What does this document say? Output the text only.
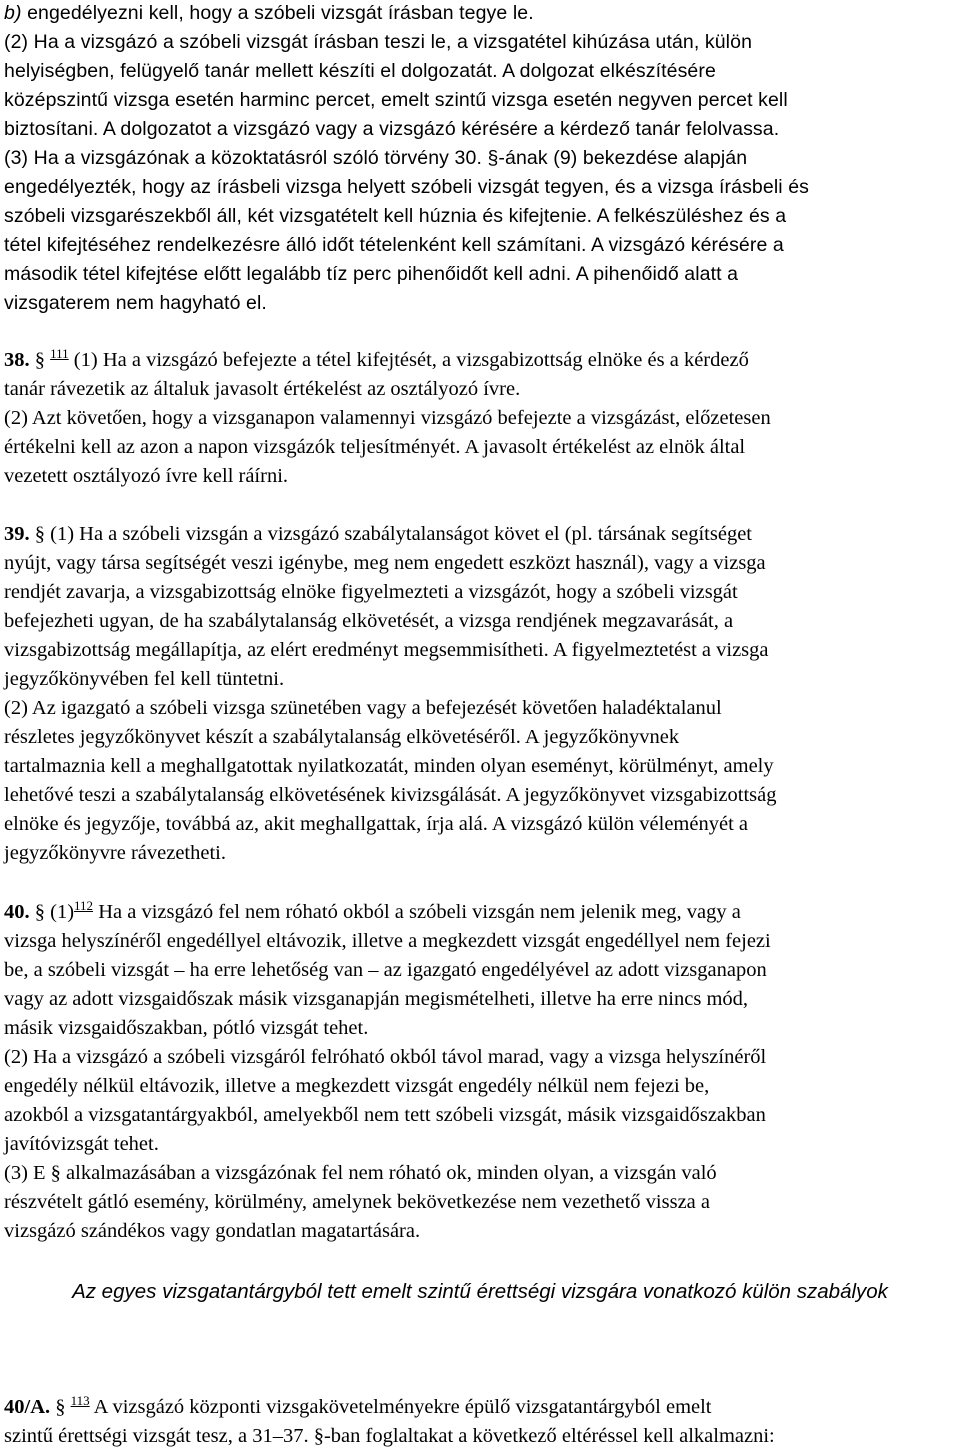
b) engedélyezni kell, hogy a szóbeli vizsgát írásban tegye le.
(2) Ha a vizsgázó a szóbeli vizsgát írásban teszi le, a vizsgatétel kihúzása után, külön
helyiségben, felügyelő tanár mellett készíti el dolgozatát. A dolgozat elkészítésére
középszintű vizsga esetén harminc percet, emelt szintű vizsga esetén negyven percet kell
biztosítani. A dolgozatot a vizsgázó vagy a vizsgázó kérésére a kérdező tanár felolvassa.
(3) Ha a vizsgázónak a közoktatásról szóló törvény 30. §-ának (9) bekezdése alapján
engedélyezték, hogy az írásbeli vizsga helyett szóbeli vizsgát tegyen, és a vizsga írásbeli és
szóbeli vizsgarészekből áll, két vizsgatételt kell húznia és kifejtenie. A felkészüléshez és a
tétel kifejtéséhez rendelkezésre álló időt tételenként kell számítani. A vizsgázó kérésére a
második tétel kifejtése előtt legalább tíz perc pihenőidőt kell adni. A pihenőidő alatt a
vizsgaterem nem hagyható el.
38. § $^{111}$ (1) Ha a vizsgázó befejezte a tétel kifejtését, a vizsgabizottság elnöke és a kérdező
tanár rávezetik az általuk javasolt értékelést az osztályozó ívre.
(2) Azt követően, hogy a vizsganapon valamennyi vizsgázó befejezte a vizsgázást, előzetesen
értékelni kell az azon a napon vizsgázók teljesítményét. A javasolt értékelést az elnök által
vezetett osztályozó ívre kell ráírni.
39. § (1) Ha a szóbeli vizsgán a vizsgázó szabálytalanságot követ el (pl. társának segítséget
nyújt, vagy társa segítségét veszi igénybe, meg nem engedett eszközt használ), vagy a vizsga
rendjét zavarja, a vizsgabizottság elnöke figyelmezteti a vizsgázót, hogy a szóbeli vizsgát
befejezheti ugyan, de ha szabálytalanság elkövetését, a vizsga rendjének megzavarását, a
vizsgabizottság megállapítja, az elért eredményt megsemmisítheti. A figyelmeztetést a vizsga
jegyzőkönyvében fel kell tüntetni.
(2) Az igazgató a szóbeli vizsga szünetében vagy a befejezését követően haladéktalanul
részletes jegyzőkönyvet készít a szabálytalanság elkövetéséről. A jegyzőkönyvnek
tartalmaznia kell a meghallgatottak nyilatkozatát, minden olyan eseményt, körülményt, amely
lehetővé teszi a szabálytalanság elkövetésének kivizsgálását. A jegyzőkönyvet vizsgabizottság
elnöke és jegyzője, továbbá az, akit meghallgattak, írja alá. A vizsgázó külön véleményét a
jegyzőkönyvre rávezetheti.
40. § (1)$^{112}$ Ha a vizsgázó fel nem róható okból a szóbeli vizsgán nem jelenik meg, vagy a
vizsga helyszínéről engedéllyel eltávozik, illetve a megkezdett vizsgát engedéllyel nem fejezi
be, a szóbeli vizsgát – ha erre lehetőség van – az igazgató engedélyével az adott vizsganapon
vagy az adott vizsgaidőszak másik vizsganapján megismételheti, illetve ha erre nincs mód,
másik vizsgaidőszakban, pótló vizsgát tehet.
(2) Ha a vizsgázó a szóbeli vizsgáról felróható okból távol marad, vagy a vizsga helyszínéről
engedély nélkül eltávozik, illetve a megkezdett vizsgát engedély nélkül nem fejezi be,
azokból a vizsgatantárgyakból, amelyekből nem tett szóbeli vizsgát, másik vizsgaidőszakban
javítóvizsgát tehet.
(3) E § alkalmazásában a vizsgázónak fel nem róható ok, minden olyan, a vizsgán való
részvételt gátló esemény, körülmény, amelynek bekövetkezése nem vezethető vissza a
vizsgázó szándékos vagy gondatlan magatartására.
Az egyes vizsgatantárgyból tett emelt szintű érettségi vizsgára vonatkozó külön szabályok
40/A. § $^{113}$ A vizsgázó központi vizsgakövetelményekre épülő vizsgatantárgyból emelt
szintű érettségi vizsgát tesz, a 31–37. §-ban foglaltakat a következő eltéréssel kell alkalmazni:
